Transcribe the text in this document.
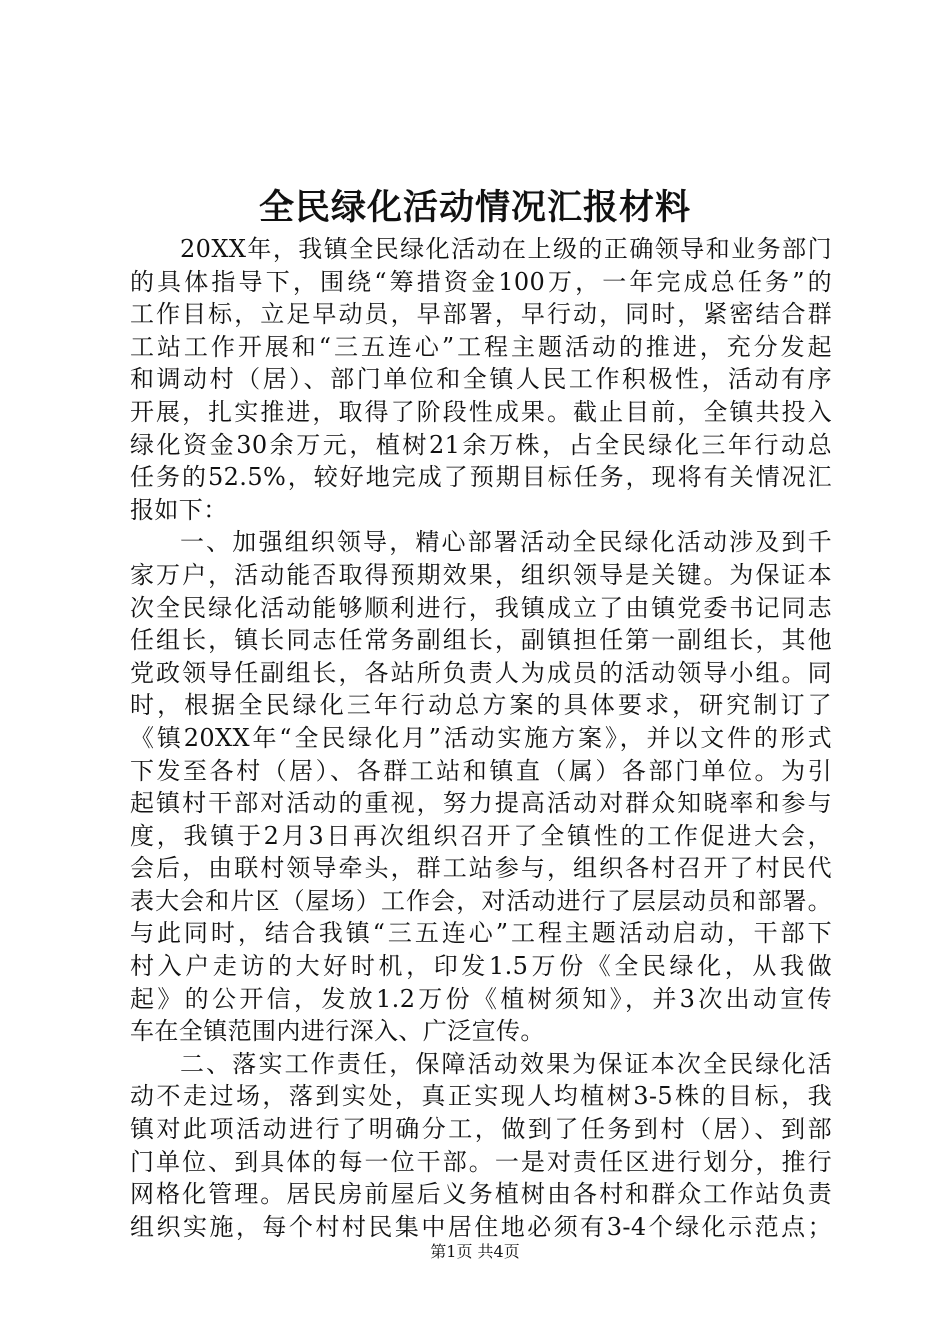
全民绿化活动情况汇报材料
20XX年，我镇全民绿化活动在上级的正确领导和业务部门
的具体指导下，围绕“筹措资金100万，一年完成总任务”的
工作目标，立足早动员，早部署，早行动，同时，紧密结合群
工站工作开展和“三五连心”工程主题活动的推进，充分发起
和调动村（居）、部门单位和全镇人民工作积极性，活动有序
开展，扎实推进，取得了阶段性成果。截止目前，全镇共投入
绿化资金30余万元，植树21余万株，占全民绿化三年行动总
任务的52.5%，较好地完成了预期目标任务，现将有关情况汇
报如下：
一、加强组织领导，精心部署活动全民绿化活动涉及到千
家万户，活动能否取得预期效果，组织领导是关键。为保证本
次全民绿化活动能够顺利进行，我镇成立了由镇党委书记同志
任组长，镇长同志任常务副组长，副镇担任第一副组长，其他
党政领导任副组长，各站所负责人为成员的活动领导小组。同
时，根据全民绿化三年行动总方案的具体要求，研究制订了
《镇20XX年“全民绿化月”活动实施方案》，并以文件的形式
下发至各村（居）、各群工站和镇直（属）各部门单位。为引
起镇村干部对活动的重视，努力提高活动对群众知晓率和参与
度，我镇于2月3日再次组织召开了全镇性的工作促进大会，
会后，由联村领导牵头，群工站参与，组织各村召开了村民代
表大会和片区（屋场）工作会，对活动进行了层层动员和部署。
与此同时，结合我镇“三五连心”工程主题活动启动，干部下
村入户走访的大好时机，印发1.5万份《全民绿化，从我做
起》的公开信，发放1.2万份《植树须知》，并3次出动宣传
车在全镇范围内进行深入、广泛宣传。
二、落实工作责任，保障活动效果为保证本次全民绿化活
动不走过场，落到实处，真正实现人均植树3-5株的目标，我
镇对此项活动进行了明确分工，做到了任务到村（居）、到部
门单位、到具体的每一位干部。一是对责任区进行划分，推行
网格化管理。居民房前屋后义务植树由各村和群众工作站负责
组织实施，每个村村民集中居住地必须有3-4个绿化示范点；
第1页 共4页
